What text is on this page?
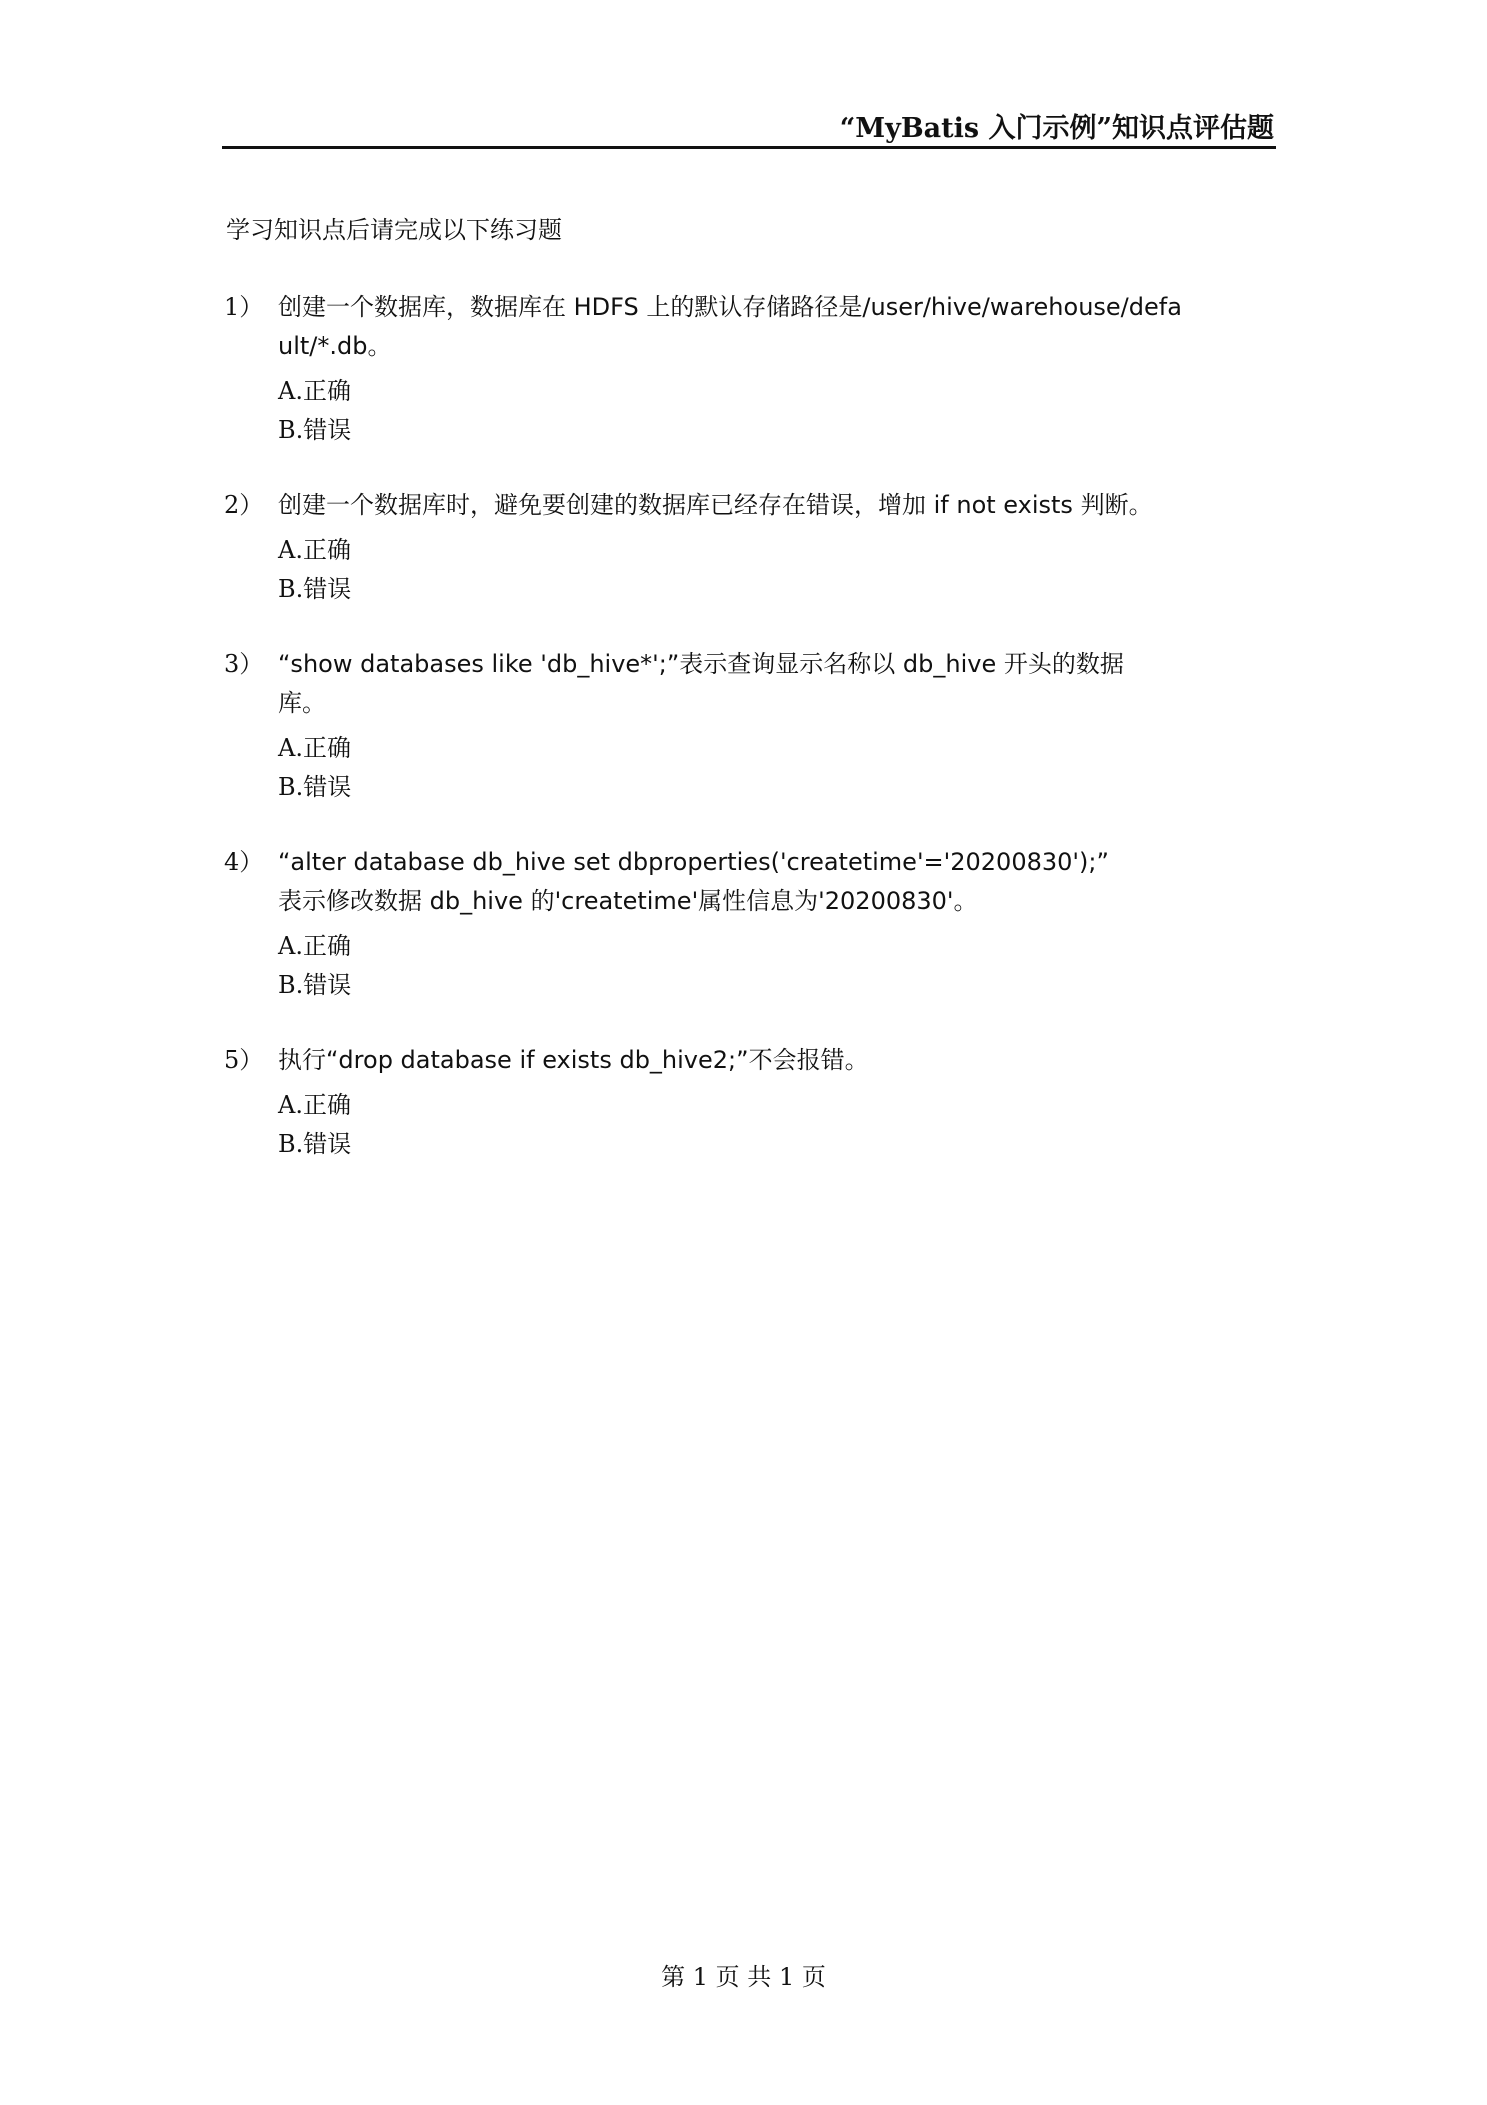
“MyBatis 入门示例”知识点评估题
学习知识点后请完成以下练习题
1） 创建一个数据库，数据库在 HDFS 上的默认存储路径是/user/hive/warehouse/defa
ult/*.db。
A.正确
B.错误
2） 创建一个数据库时，避免要创建的数据库已经存在错误，增加 if not exists 判断。
A.正确
B.错误
3） “show databases like 'db_hive*';”表示查询显示名称以 db_hive 开头的数据
库。
A.正确
B.错误
4） “alter database db_hive set dbproperties('createtime'='20200830');”
表示修改数据 db_hive 的'createtime'属性信息为'20200830'。
A.正确
B.错误
5） 执行“drop database if exists db_hive2;”不会报错。
A.正确
B.错误
第 1 页 共 1 页
